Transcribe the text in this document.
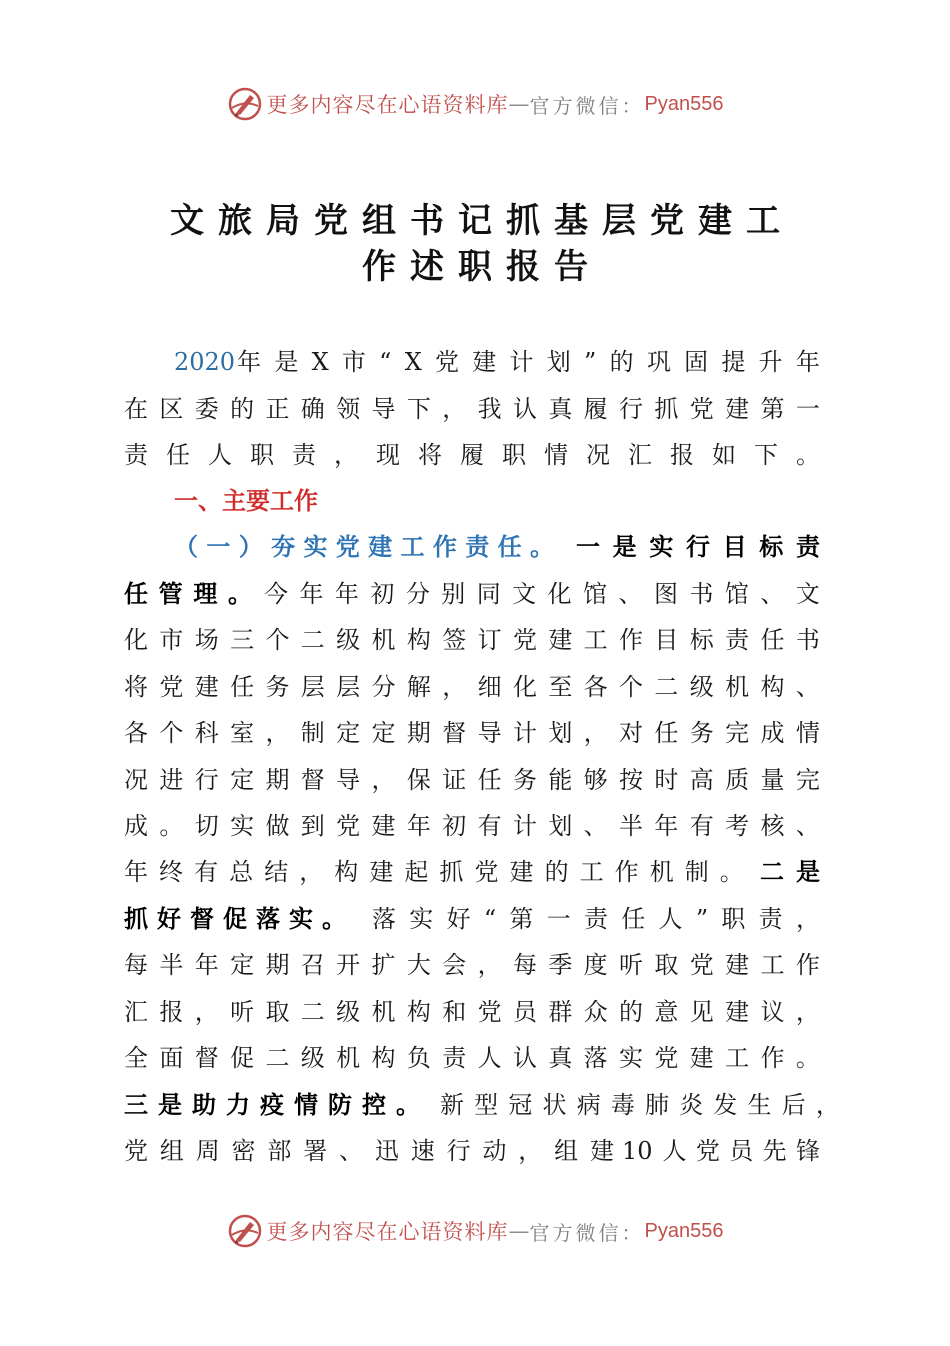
更多内容尽在心语资料库 — 官方微信： Pyan556
文旅局党组书记抓基层党建工
作述职报告
2020 年 是 X 市 “ X 党 建 计 划 ” 的 巩 固 提 升 年
在 区 委 的 正 确 领 导 下 ， 我 认 真 履 行 抓 党 建 第 一
责 任 人 职 责 ， 现 将 履 职 情 况 汇 报 如 下 。
一、主要工作
（ 一 ） 夯 实 党 建 工 作 责 任 。 一 是 实 行 目 标 责
任 管 理 。 今 年 年 初 分 别 同 文 化 馆 、 图 书 馆 、 文
化 市 场 三 个 二 级 机 构 签 订 党 建 工 作 目 标 责 任 书
将 党 建 任 务 层 层 分 解 ， 细 化 至 各 个 二 级 机 构 、
各 个 科 室 ， 制 定 定 期 督 导 计 划 ， 对 任 务 完 成 情
况 进 行 定 期 督 导 ， 保 证 任 务 能 够 按 时 高 质 量 完
成 。 切 实 做 到 党 建 年 初 有 计 划 、 半 年 有 考 核 、
年 终 有 总 结 ， 构 建 起 抓 党 建 的 工 作 机 制 。 二 是
抓 好 督 促 落 实 。 落 实 好 “ 第 一 责 任 人 ” 职 责 ，
每 半 年 定 期 召 开 扩 大 会 ， 每 季 度 听 取 党 建 工 作
汇 报 ， 听 取 二 级 机 构 和 党 员 群 众 的 意 见 建 议 ，
全 面 督 促 二 级 机 构 负 责 人 认 真 落 实 党 建 工 作 。
三 是 助 力 疫 情 防 控 。 新 型 冠 状 病 毒 肺 炎 发 生 后 ，
党 组 周 密 部 署 、 迅 速 行 动 ， 组 建 10 人 党 员 先 锋
更多内容尽在心语资料库 — 官方微信： Pyan556
